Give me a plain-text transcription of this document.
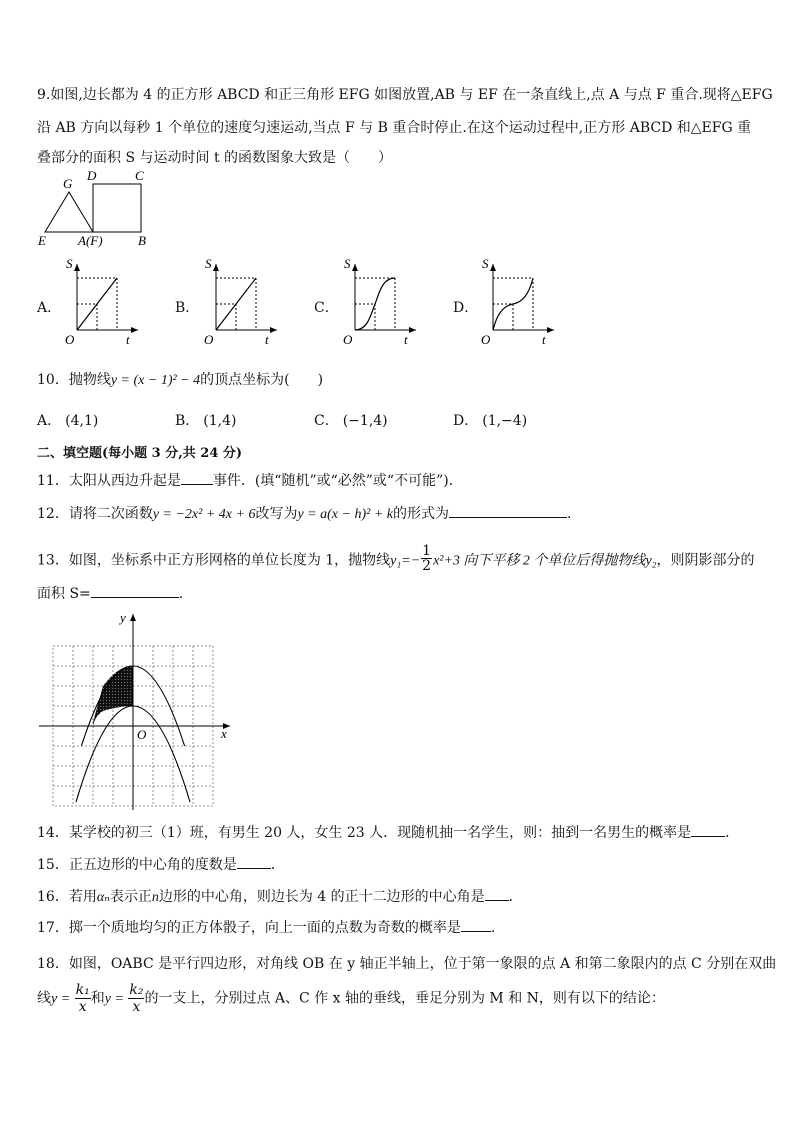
9.如图,边长都为 4 的正方形 ABCD 和正三角形 EFG 如图放置,AB 与 EF 在一条直线上,点 A 与点 F 重合.现将△EFG
沿 AB 方向以每秒 1 个单位的速度匀速运动,当点 F 与 B 重合时停止.在这个运动过程中,正方形 ABCD 和△EFG 重
叠部分的面积 S 与运动时间 t 的函数图象大致是（　　）
G
D	C
E A(F)	B
A．
S
O	t
B．
S
O	t
C．
S
O	t
D．
S
O	t
10．抛物线y = (x − 1)² − 4的顶点坐标为(　　)
A． (4,1)	B． (1,4)	C． (−1,4)	D． (1,−4)
二、填空题(每小题 3 分,共 24 分)
11．太阳从西边升起是 事件．(填“随机”或“必然”或“不可能”)．
12．请将二次函数y = −2x² + 4x + 6改写为y = a(x − h)² + k的形式为	.
13．如图，坐标系中正方形网格的单位长度为 1，抛物线$y_1=- \frac{1}{2} x^2+3$ 向下平移 2 个单位后得抛物线y₂，则阴影部分的
面积 S=	.
y
x
O
14．某学校的初三（1）班，有男生 20 人，女生 23 人．现随机抽一名学生，则：抽到一名男生的概率是 ．
15．正五边形的中心角的度数是 ．
16．若用αₙ表示正n边形的中心角，则边长为 4 的正十二边形的中心角是 ．
17．掷一个质地均匀的正方体骰子，向上一面的点数为奇数的概率是 .
18．如图，OABC 是平行四边形，对角线 OB 在 y 轴正半轴上，位于第一象限的点 A 和第二象限内的点 C 分别在双曲
线$y = \frac{\text{k₁}}{x}$ 和$y = \frac{\text{k₂}}{x}$ 的一支上，分别过点 A、C 作 x 轴的垂线，垂足分别为 M 和 N，则有以下的结论：
